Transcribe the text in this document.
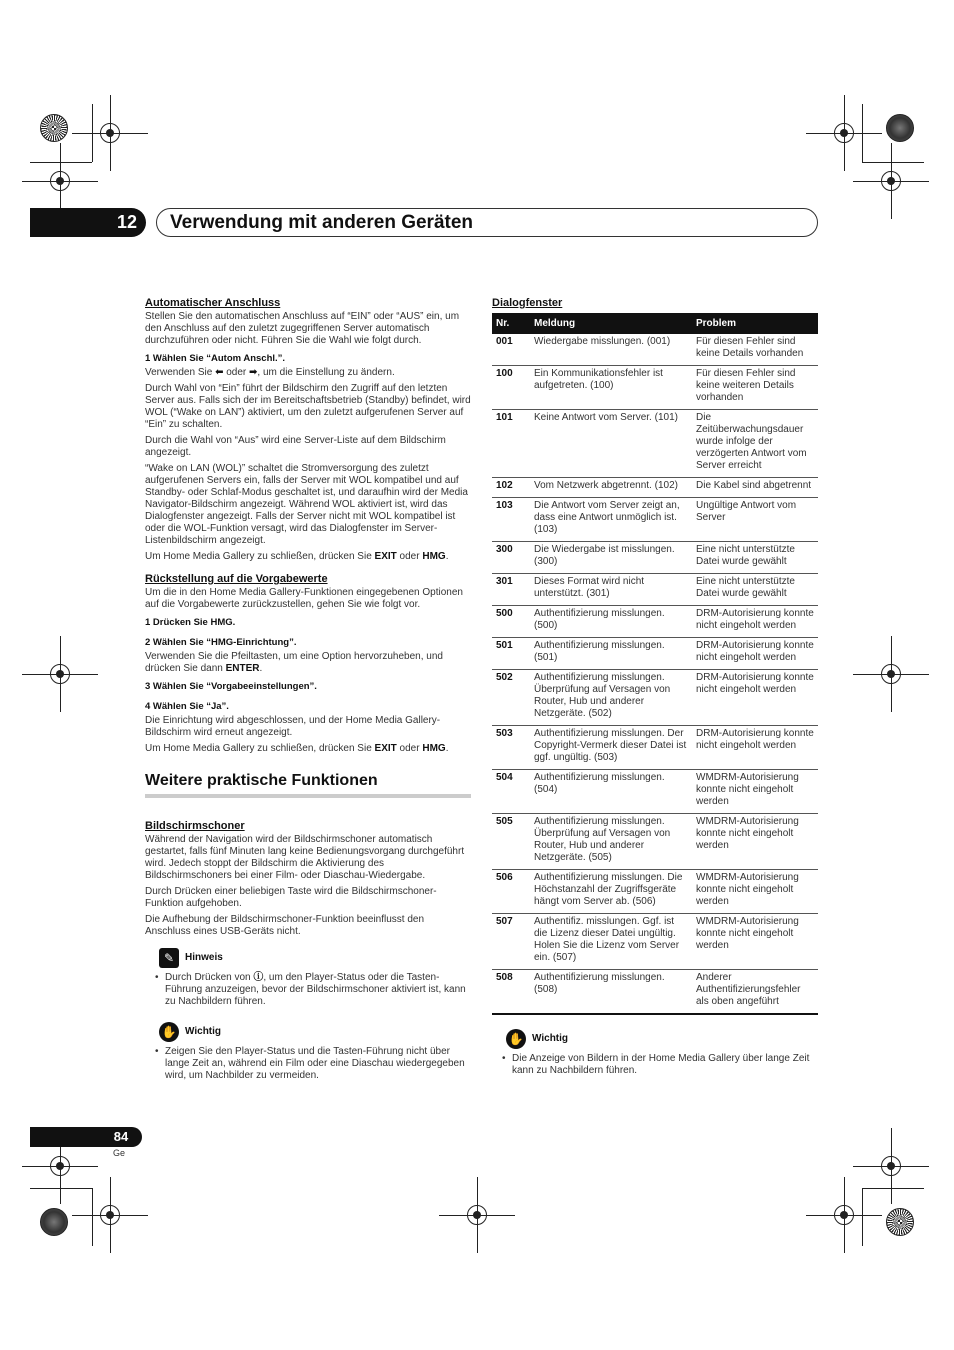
12	Verwendung mit anderen Geräten
Automatischer Anschluss

Stellen Sie den automatischen Anschluss auf “EIN” oder “AUS” ein, um den Anschluss auf den zuletzt zugegriffenen Server automatisch durchzuführen oder nicht. Führen Sie die Wahl wie folgt durch.

1 Wählen Sie “Autom Anschl.”.

Verwenden Sie ⬅ oder ➡, um die Einstellung zu ändern.

Durch Wahl von “Ein” führt der Bildschirm den Zugriff auf den letzten Server aus. Falls sich der im Bereitschaftsbetrieb (Standby) befindet, wird WOL (“Wake on LAN”) aktiviert, um den zuletzt aufgerufenen Server auf “Ein” zu schalten.

Durch die Wahl von “Aus” wird eine Server-Liste auf dem Bildschirm angezeigt.

“Wake on LAN (WOL)” schaltet die Stromversorgung des zuletzt aufgerufenen Servers ein, falls der Server mit WOL kompatibel und auf Standby- oder Schlaf-Modus geschaltet ist, und daraufhin wird der Media Navigator-Bildschirm angezeigt. Während WOL aktiviert ist, wird das Dialogfenster angezeigt. Falls der Server nicht mit WOL kompatibel ist oder die WOL-Funktion versagt, wird das Dialogfenster im Server-Listenbildschirm angezeigt.

Um Home Media Gallery zu schließen, drücken Sie EXIT oder HMG.

Rückstellung auf die Vorgabewerte

Um die in den Home Media Gallery-Funktionen eingegebenen Optionen auf die Vorgabewerte zurückzustellen, gehen Sie wie folgt vor.

1 Drücken Sie HMG.
2 Wählen Sie “HMG-Einrichtung”.

Verwenden Sie die Pfeiltasten, um eine Option hervorzuheben, und drücken Sie dann ENTER.

3 Wählen Sie “Vorgabeeinstellungen”.
4 Wählen Sie “Ja”.

Die Einrichtung wird abgeschlossen, und der Home Media Gallery-Bildschirm wird erneut angezeigt.

Um Home Media Gallery zu schließen, drücken Sie EXIT oder HMG.

Weitere praktische Funktionen
Bildschirmschoner

Während der Navigation wird der Bildschirmschoner automatisch gestartet, falls fünf Minuten lang keine Bedienungsvorgang durchgeführt wird. Jedech stoppt der Bildschirm die Aktivierung des Bildschirmschoners bei einer Film- oder Diaschau-Wiedergabe.

Durch Drücken einer beliebigen Taste wird die Bildschirmschoner-Funktion aufgehoben.

Die Aufhebung der Bildschirmschoner-Funktion beeinflusst den Anschluss eines USB-Geräts nicht.

✎	Hinweis

• Durch Drücken von ⓘ, um den Player-Status oder die Tasten-Führung anzuzeigen, bevor der Bildschirmschoner aktiviert ist, kann zu Nachbildern führen.

✋ Wichtig

• Zeigen Sie den Player-Status und die Tasten-Führung nicht über lange Zeit an, während ein Film oder eine Diaschau wiedergegeben wird, um Nachbilder zu vermeiden.

Dialogfenster
Nr.	Meldung	Problem
001	Wiedergabe misslungen. (001)	Für diesen Fehler sind keine Details vorhanden
100	Ein Kommunikationsfehler ist aufgetreten. (100)	Für diesen Fehler sind keine weiteren Details vorhanden
101	Keine Antwort vom Server. (101)	Die Zeitüberwachungsdauer wurde infolge der verzögerten Antwort vom Server erreicht
102	Vom Netzwerk abgetrennt. (102)	Die Kabel sind abgetrennt
103	Die Antwort vom Server zeigt an, dass eine Antwort unmöglich ist. (103)	Ungültige Antwort vom Server
300	Die Wiedergabe ist misslungen. (300)	Eine nicht unterstützte Datei wurde gewählt
301	Dieses Format wird nicht unterstützt. (301)	Eine nicht unterstützte Datei wurde gewählt
500	Authentifizierung misslungen. (500)	DRM-Autorisierung konnte nicht eingeholt werden
501	Authentifizierung misslungen. (501)	DRM-Autorisierung konnte nicht eingeholt werden
502	Authentifizierung misslungen. Überprüfung auf Versagen von Router, Hub und anderer Netzgeräte. (502)	DRM-Autorisierung konnte nicht eingeholt werden
503	Authentifizierung misslungen. Der Copyright-Vermerk dieser Datei ist ggf. ungültig. (503)	DRM-Autorisierung konnte nicht eingeholt werden
504	Authentifizierung misslungen. (504)	WMDRM-Autorisierung konnte nicht eingeholt werden
505	Authentifizierung misslungen. Überprüfung auf Versagen von Router, Hub und anderer Netzgeräte. (505)	WMDRM-Autorisierung konnte nicht eingeholt werden
506	Authentifizierung misslungen. Die Höchstanzahl der Zugriffsgeräte hängt vom Server ab. (506)	WMDRM-Autorisierung konnte nicht eingeholt werden
507	Authentifiz. misslungen. Ggf. ist die Lizenz dieser Datei ungültig. Holen Sie die Lizenz vom Server ein. (507)	WMDRM-Autorisierung konnte nicht eingeholt werden
508	Authentifizierung misslungen. (508)	Anderer Authentifizierungsfehler als oben angeführt
✋ Wichtig

• Die Anzeige von Bildern in der Home Media Gallery über lange Zeit kann zu Nachbildern führen.

84
Ge
